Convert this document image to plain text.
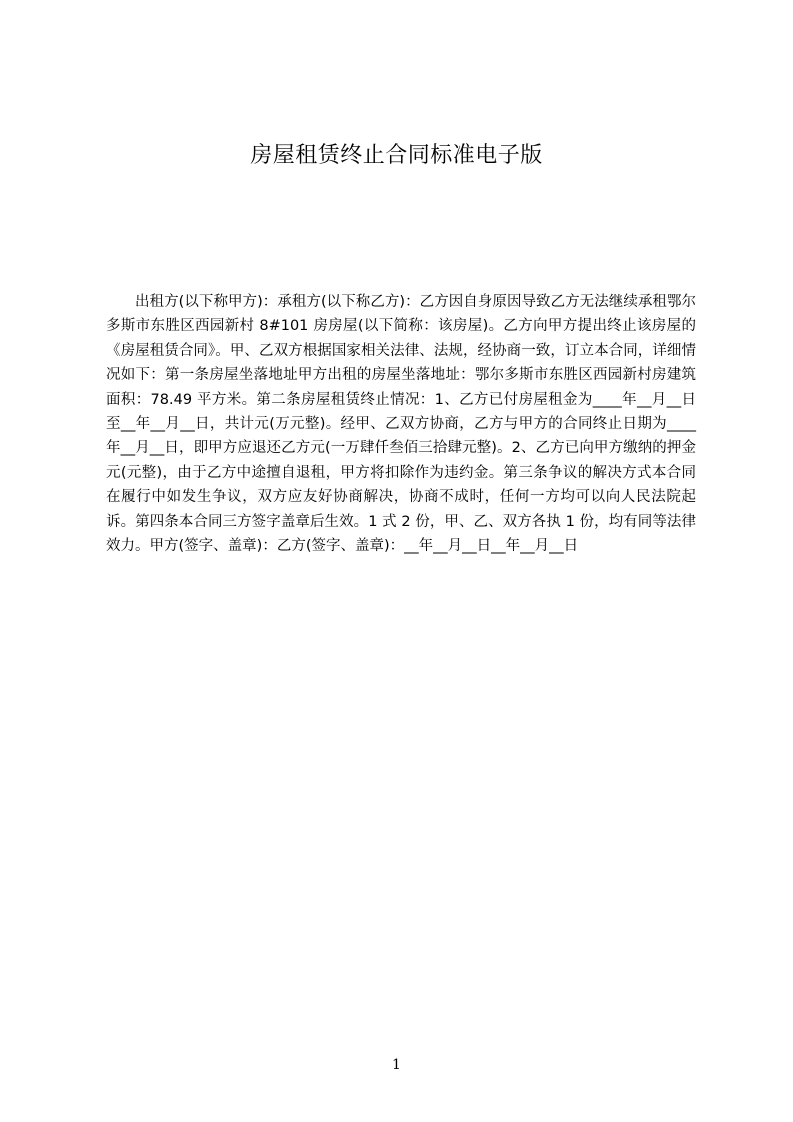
房屋租赁终止合同标准电子版

出租方(以下称甲方)：承租方(以下称乙方)：乙方因自身原因导致乙方无法继续承租鄂尔多斯市东胜区西园新村 8#101 房房屋(以下简称：该房屋)。乙方向甲方提出终止该房屋的《房屋租赁合同》。甲、乙双方根据国家相关法律、法规，经协商一致，订立本合同，详细情况如下：第一条房屋坐落地址甲方出租的房屋坐落地址：鄂尔多斯市东胜区西园新村房建筑面积：78.49 平方米。第二条房屋租赁终止情况：1、乙方已付房屋租金为____年__月__日至__年__月__日，共计元(万元整)。经甲、乙双方协商，乙方与甲方的合同终止日期为____年__月__日，即甲方应退还乙方元(一万肆仟叁佰三拾肆元整)。2、乙方已向甲方缴纳的押金元(元整)，由于乙方中途擅自退租，甲方将扣除作为违约金。第三条争议的解决方式本合同在履行中如发生争议，双方应友好协商解决，协商不成时，任何一方均可以向人民法院起诉。第四条本合同三方签字盖章后生效。1 式 2 份，甲、乙、双方各执 1 份，均有同等法律效力。甲方(签字、盖章)：乙方(签字、盖章)：__年__月__日__年__月__日

1
